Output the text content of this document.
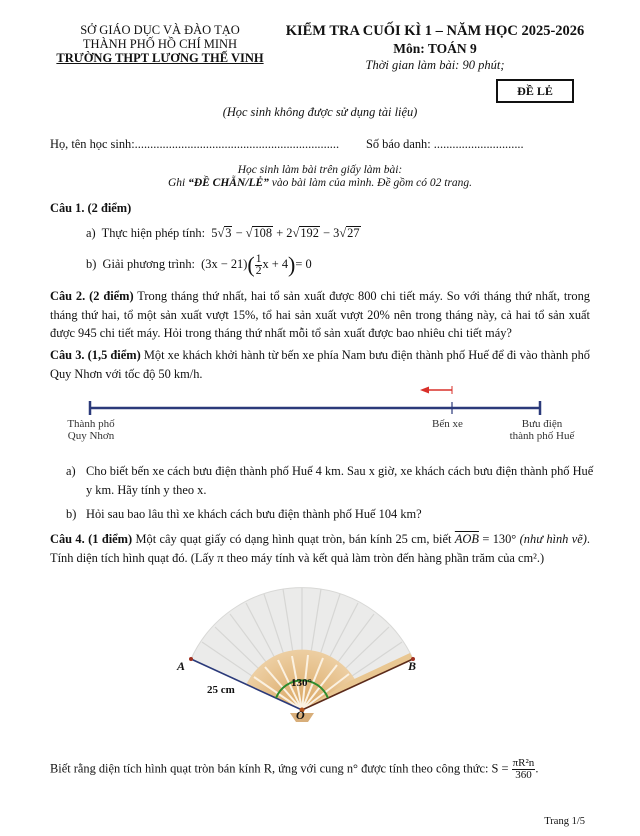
SỞ GIÁO DỤC VÀ ĐÀO TẠO
THÀNH PHỐ HỒ CHÍ MINH
TRƯỜNG THPT LƯƠNG THẾ VINH
KIỂM TRA CUỐI KÌ 1 – NĂM HỌC 2025-2026
Môn: TOÁN 9
Thời gian làm bài: 90 phút;
ĐỀ LẺ
(Học sinh không được sử dụng tài liệu)
Họ, tên học sinh:.................................................................. Số báo danh: .............................
Học sinh làm bài trên giấy làm bài:
Ghi “ĐỀ CHẴN/LẺ” vào bài làm của mình. Đề gồm có 02 trang.
Câu 1. (2 điểm)
a) Thực hiện phép tính: 5√3 − √108 + 2√192 − 3√27
b) Giải phương trình: $(3x - 21)( \frac{1}{2}$ x + 4)= 0
Câu 2. (2 điểm) Trong tháng thứ nhất, hai tổ sản xuất được 800 chi tiết máy. So với tháng thứ nhất, trong tháng thứ hai, tổ một sản xuất vượt 15%, tổ hai sản xuất vượt 20% nên trong tháng này, cả hai tổ sản xuất được 945 chi tiết máy. Hỏi trong tháng thứ nhất mỗi tổ sản xuất được bao nhiêu chi tiết máy?
Câu 3. (1,5 điểm) Một xe khách khởi hành từ bến xe phía Nam bưu điện thành phố Huế để đi vào thành phố Quy Nhơn với tốc độ 50 km/h.
Thành phố
Quy Nhơn
Bến xe	Bưu điện
thành phố Huế
a) Cho biết bến xe cách bưu điện thành phố Huế 4 km. Sau x giờ, xe khách cách bưu điện thành phố Huế y km. Hãy tính y theo x.
b) Hỏi sau bao lâu thì xe khách cách bưu điện thành phố Huế 104 km?
Câu 4. (1 điểm) Một cây quạt giấy có dạng hình quạt tròn, bán kính 25 cm, biết $\overline{AOB} = 130^\circ$ (như hình vẽ). Tính diện tích hình quạt đó. (Lấy π theo máy tính và kết quả làm tròn đến hàng phần trăm của cm².)
A	B
O
25 cm
130°
Biết rằng diện tích hình quạt tròn bán kính R, ứng với cung n° được tính theo công thức: $S = \frac{\text{πR²n}}{360}$ .
Trang 1/5
